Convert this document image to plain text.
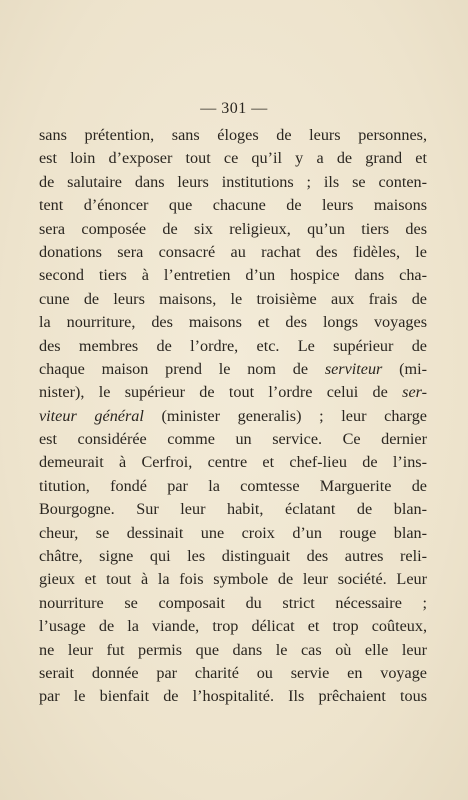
— 301 —
sans prétention, sans éloges de leurs personnes,
est loin d’exposer tout ce qu’il y a de grand et
de salutaire dans leurs institutions ; ils se conten-
tent d’énoncer que chacune de leurs maisons
sera composée de six religieux, qu’un tiers des
donations sera consacré au rachat des fidèles, le
second tiers à l’entretien d’un hospice dans cha-
cune de leurs maisons, le troisième aux frais de
la nourriture, des maisons et des longs voyages
des membres de l’ordre, etc. Le supérieur de
chaque maison prend le nom de serviteur (mi-
nister), le supérieur de tout l’ordre celui de ser-
viteur général (minister generalis) ; leur charge
est considérée comme un service. Ce dernier
demeurait à Cerfroi, centre et chef-lieu de l’ins-
titution, fondé par la comtesse Marguerite de
Bourgogne. Sur leur habit, éclatant de blan-
cheur, se dessinait une croix d’un rouge blan-
châtre, signe qui les distinguait des autres reli-
gieux et tout à la fois symbole de leur société. Leur
nourriture se composait du strict nécessaire ;
l’usage de la viande, trop délicat et trop coûteux,
ne leur fut permis que dans le cas où elle leur
serait donnée par charité ou servie en voyage
par le bienfait de l’hospitalité. Ils prêchaient tous
